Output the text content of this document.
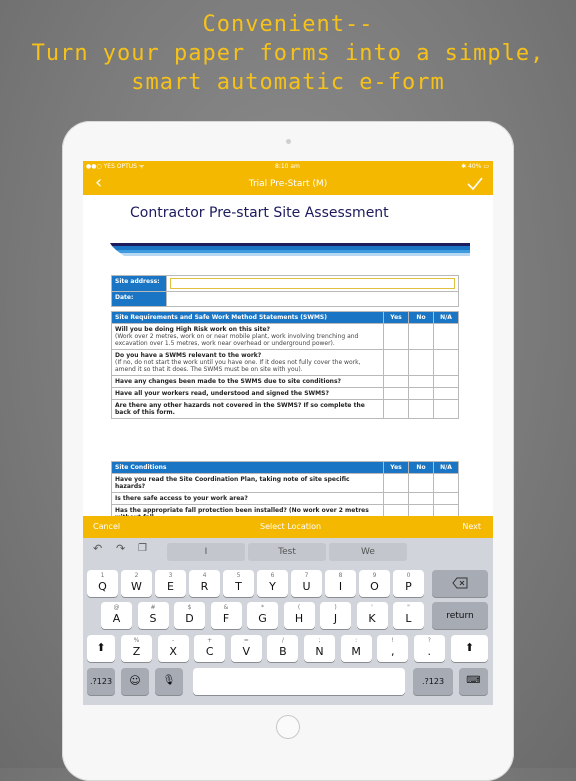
Convenient--
Turn your paper forms into a simple,
smart automatic e-form
●●○ YES OPTUS ᯤ	8:10 am	✱ 40% ▭
‹	Trial Pre-Start (M)
Contractor Pre-start Site Assessment
Site address:	

Date:	
Site Requirements and Safe Work Method Statements (SWMS)	Yes	No	N/A

Will you be doing High Risk work on this site?
(Work over 2 metres, work on or near mobile plant, work involving trenching and excavation over 1.5 metres, work near overhead or underground power).			

Do you have a SWMS relevant to the work?
(If no, do not start the work until you have one. If it does not fully cover the work, amend it so that it does. The SWMS must be on site with you).			

Have any changes been made to the SWMS due to site conditions?			
Have all your workers read, understood and signed the SWMS?			
Are there any other hazards not covered in the SWMS? If so complete the back of this form.			
Site Conditions	Yes	No	N/A
Have you read the Site Coordination Plan, taking note of site specific hazards?			
Is there safe access to your work area?			
Has the appropriate fall protection been installed? (No work over 2 metres			
Cancel	Select Location	Next
↶ ↷ ❐	I	Test	We
1
Q
2
W
3
E
4
R
5
T
6
Y
7
U
8
I
9
O
0
P
@
A
#
S
$
D
&
F
*
G
(
H
)
J
'
K
"
L
%
Z
-
X
+
C
=
V
/
B
;
N
:
M
!
,
?
.
return
⬆	⬆
.?123	☺	🎙	.?123	⌨
